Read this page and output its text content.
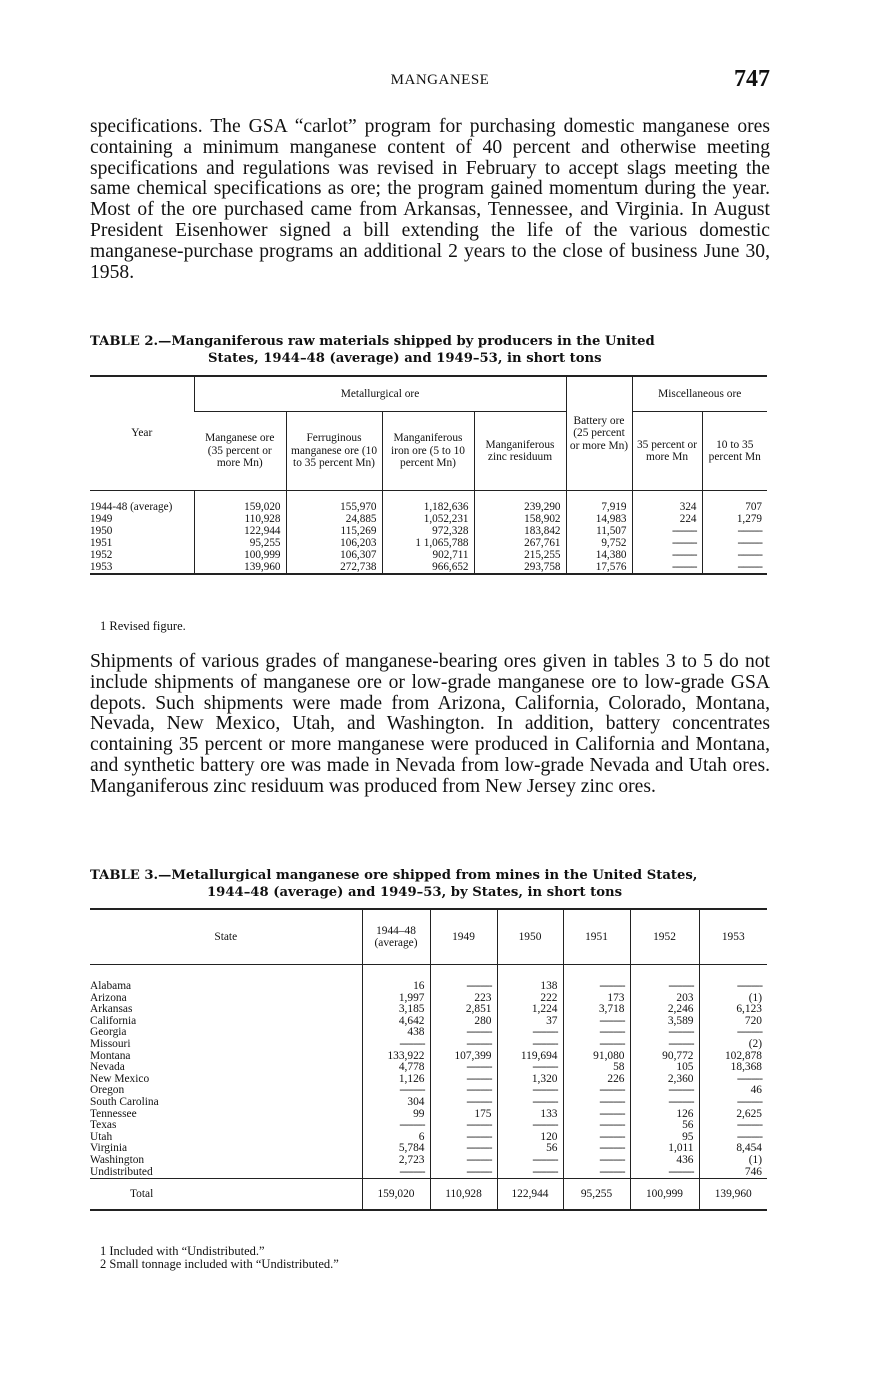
MANGANESE	747

specifications. The GSA “carlot” program for purchasing domestic manganese ores containing a minimum manganese content of 40 percent and otherwise meeting specifications and regulations was revised in February to accept slags meeting the same chemical specifications as ore; the program gained momentum during the year. Most of the ore purchased came from Arkansas, Tennessee, and Virginia. In August President Eisenhower signed a bill extending the life of the various domestic manganese-purchase programs an additional 2 years to the close of business June 30, 1958.

TABLE 2.—Manganiferous raw materials shipped by producers in the United
States, 1944–48 (average) and 1949–53, in short tons
Year	Metallurgical ore				Battery ore (25 percent or more Mn)	Miscellaneous ore	
	Manganese ore (35 percent or more Mn)	Ferruginous manganese ore (10 to 35 percent Mn)	Manganiferous iron ore (5 to 10 percent Mn)	Manganiferous zinc residuum		35 percent or more Mn	10 to 35 percent Mn
1944-48 (average)	159,020	155,970	1,182,636	239,290	7,919	324	707
1949	110,928	24,885	1,052,231	158,902	14,983	224	1,279
1950	122,944	115,269	972,328	183,842	11,507	---------	---------
1951	95,255	106,203	1 1,065,788	267,761	9,752	---------	---------
1952	100,999	106,307	902,711	215,255	14,380	---------	---------
1953	139,960	272,738	966,652	293,758	17,576	---------	---------
1 Revised figure.

Shipments of various grades of manganese-bearing ores given in tables 3 to 5 do not include shipments of manganese ore or low-grade manganese ore to low-grade GSA depots. Such shipments were made from Arizona, California, Colorado, Montana, Nevada, New Mexico, Utah, and Washington. In addition, battery concentrates containing 35 percent or more manganese were produced in California and Montana, and synthetic battery ore was made in Nevada from low-grade Nevada and Utah ores. Manganiferous zinc residuum was produced from New Jersey zinc ores.

TABLE 3.—Metallurgical manganese ore shipped from mines in the United States,
1944–48 (average) and 1949–53, by States, in short tons
State	1944–48 (average)	1949	1950	1951	1952	1953
Alabama	16	---------	138	---------	---------	---------
Arizona	1,997	223	222	173	203	(1)
Arkansas	3,185	2,851	1,224	3,718	2,246	6,123
California	4,642	280	37	---------	3,589	720
Georgia	438	---------	---------	---------	---------	---------
Missouri	---------	---------	---------	---------	---------	(2)
Montana	133,922	107,399	119,694	91,080	90,772	102,878
Nevada	4,778	---------	---------	58	105	18,368
New Mexico	1,126	---------	1,320	226	2,360	---------
Oregon	---------	---------	---------	---------	---------	46
South Carolina	304	---------	---------	---------	---------	---------
Tennessee	99	175	133	---------	126	2,625
Texas	---------	---------	---------	---------	56	---------
Utah	6	---------	120	---------	95	---------
Virginia	5,784	---------	56	---------	1,011	8,454
Washington	2,723	---------	---------	---------	436	(1)
Undistributed	---------	---------	---------	---------	---------	746
Total	159,020	110,928	122,944	95,255	100,999	139,960
1 Included with “Undistributed.”
2 Small tonnage included with “Undistributed.”
